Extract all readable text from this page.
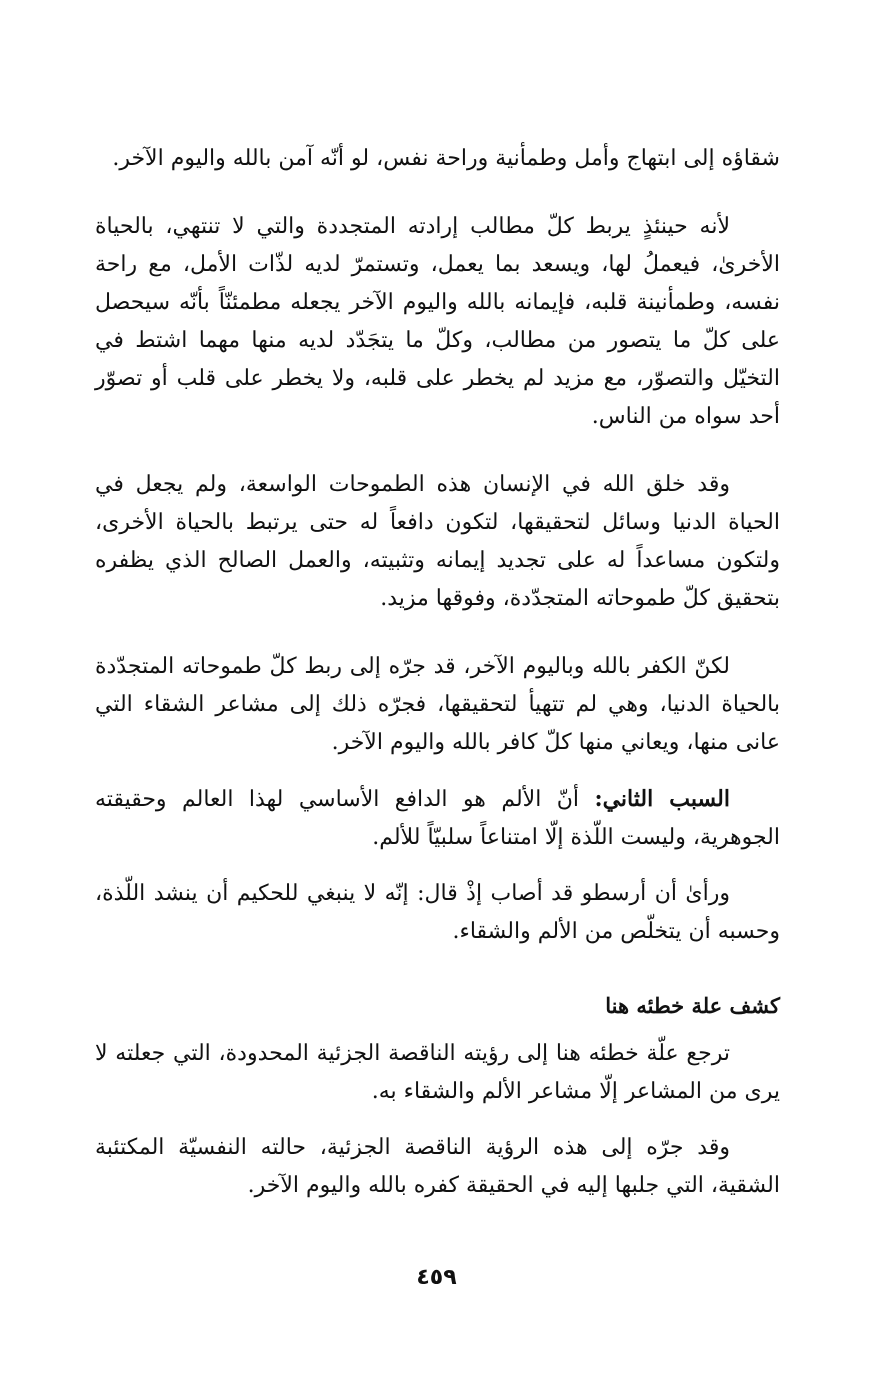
شقاؤه إلى ابتهاج وأمل وطمأنية وراحة نفس، لو أنّه آمن بالله واليوم الآخر.

لأنه حينئذٍ يربط كلّ مطالب إرادته المتجددة والتي لا تنتهي، بالحياة الأخرىٰ، فيعملُ لها، ويسعد بما يعمل، وتستمرّ لديه لذّات الأمل، مع راحة نفسه، وطمأنينة قلبه، فإيمانه بالله واليوم الآخر يجعله مطمئنّاً بأنّه سيحصل على كلّ ما يتصور من مطالب، وكلّ ما يتجَدّد لديه منها مهما اشتط في التخيّل والتصوّر، مع مزيد لم يخطر على قلبه، ولا يخطر على قلب أو تصوّر أحد سواه من الناس.

وقد خلق الله في الإنسان هذه الطموحات الواسعة، ولم يجعل في الحياة الدنيا وسائل لتحقيقها، لتكون دافعاً له حتى يرتبط بالحياة الأخرى، ولتكون مساعداً له على تجديد إيمانه وتثبيته، والعمل الصالح الذي يظفره بتحقيق كلّ طموحاته المتجدّدة، وفوقها مزيد.

لكنّ الكفر بالله وباليوم الآخر، قد جرّه إلى ربط كلّ طموحاته المتجدّدة بالحياة الدنيا، وهي لم تتهيأ لتحقيقها، فجرّه ذلك إلى مشاعر الشقاء التي عانى منها، ويعاني منها كلّ كافر بالله واليوم الآخر.

السبب الثاني: أنّ الألم هو الدافع الأساسي لهذا العالم وحقيقته الجوهرية، وليست اللّذة إلّا امتناعاً سلبيّاً للألم.

ورأىٰ أن أرسطو قد أصاب إذْ قال: إنّه لا ينبغي للحكيم أن ينشد اللّذة، وحسبه أن يتخلّص من الألم والشقاء.

كشف علة خطئه هنا

ترجع علّة خطئه هنا إلى رؤيته الناقصة الجزئية المحدودة، التي جعلته لا يرى من المشاعر إلّا مشاعر الألم والشقاء به.

وقد جرّه إلى هذه الرؤية الناقصة الجزئية، حالته النفسيّة المكتئبة الشقية، التي جلبها إليه في الحقيقة كفره بالله واليوم الآخر.

٤٥٩
